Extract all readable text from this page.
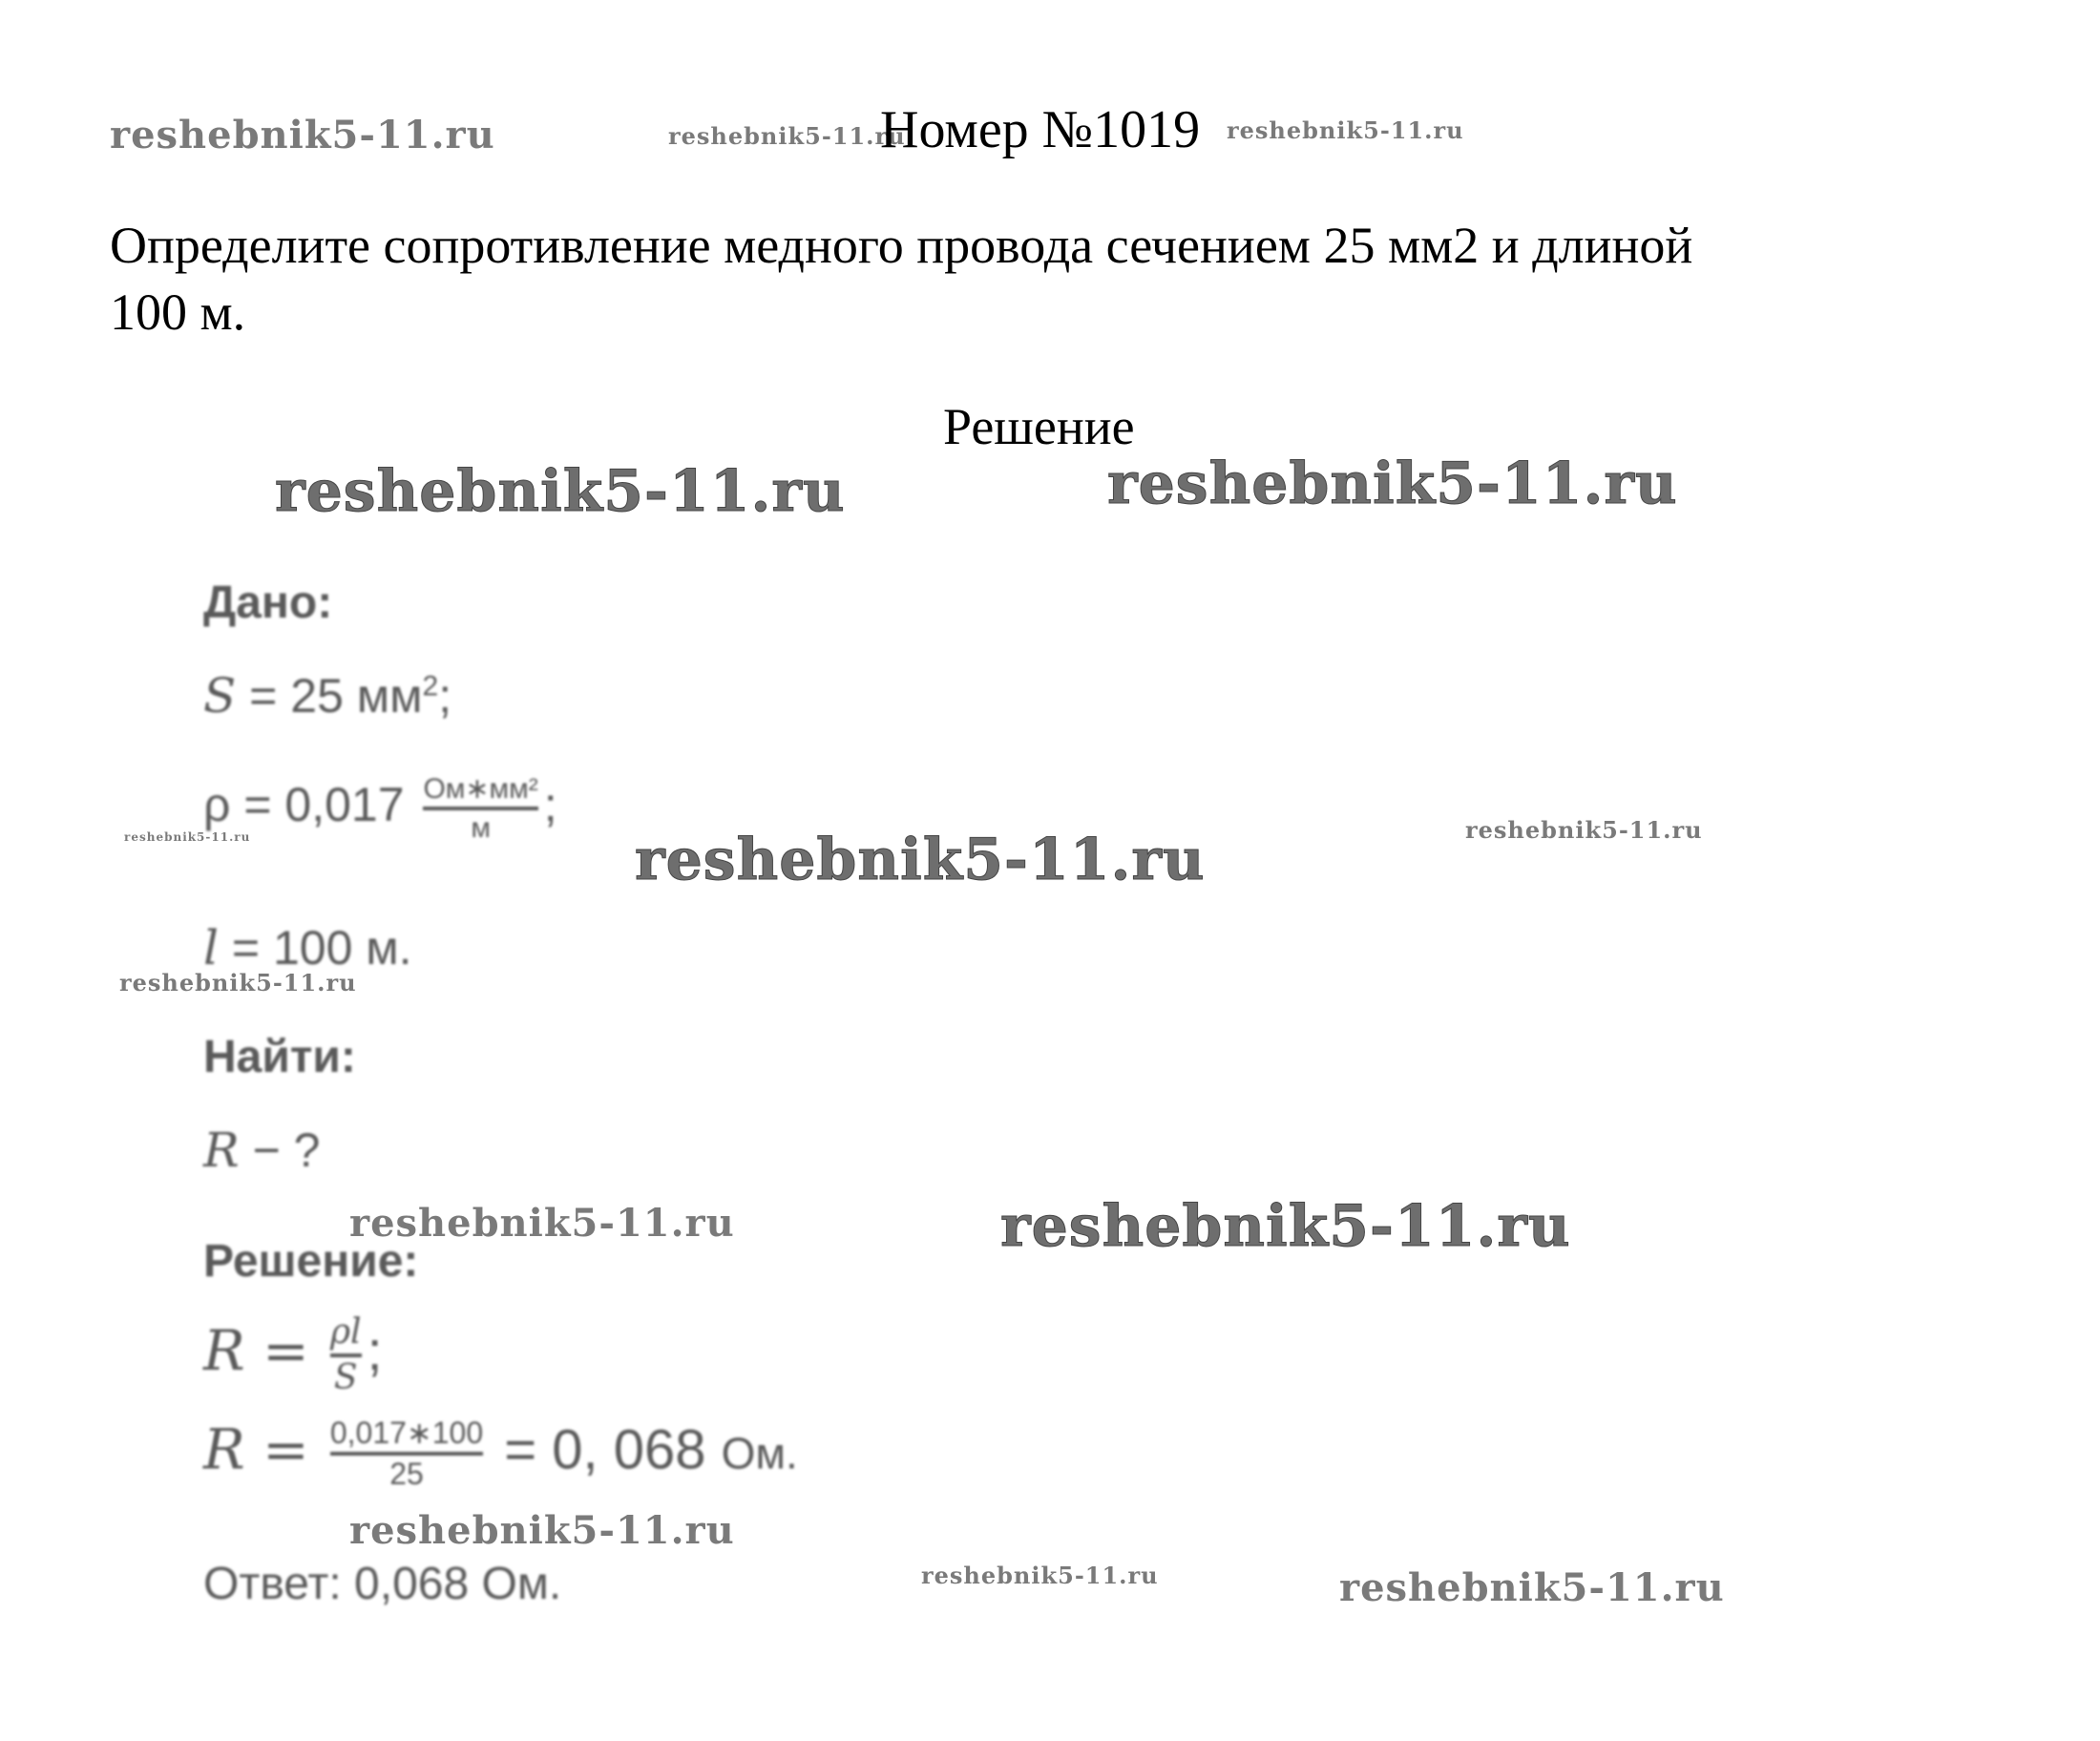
reshebnik5-11.ru	reshebnik5-11.ru
Номер №1019 reshebnik5-11.ru
Определите сопротивление медного провода сечением 25 мм2 и длиной 100 м.
Решение
reshebnik5-11.ru	reshebnik5-11.ru
Дано:
S = 25 $мм^2$;
reshebnik5-11.ru
$\rho = 0,017 \frac{\text{Ом∗мм²}}{м}$ ;
reshebnik5-11.ru	reshebnik5-11.ru
l = 100 м.
reshebnik5-11.ru
Найти:
R − ?
reshebnik5-11.ru	reshebnik5-11.ru
Решение:
$R = \frac{\rho l}{S}$ ;
$R = \frac{0,017∗100}{25} = 0$, 068 Ом.
reshebnik5-11.ru
Ответ: 0,068 Ом.	reshebnik5-11.ru	reshebnik5-11.ru
